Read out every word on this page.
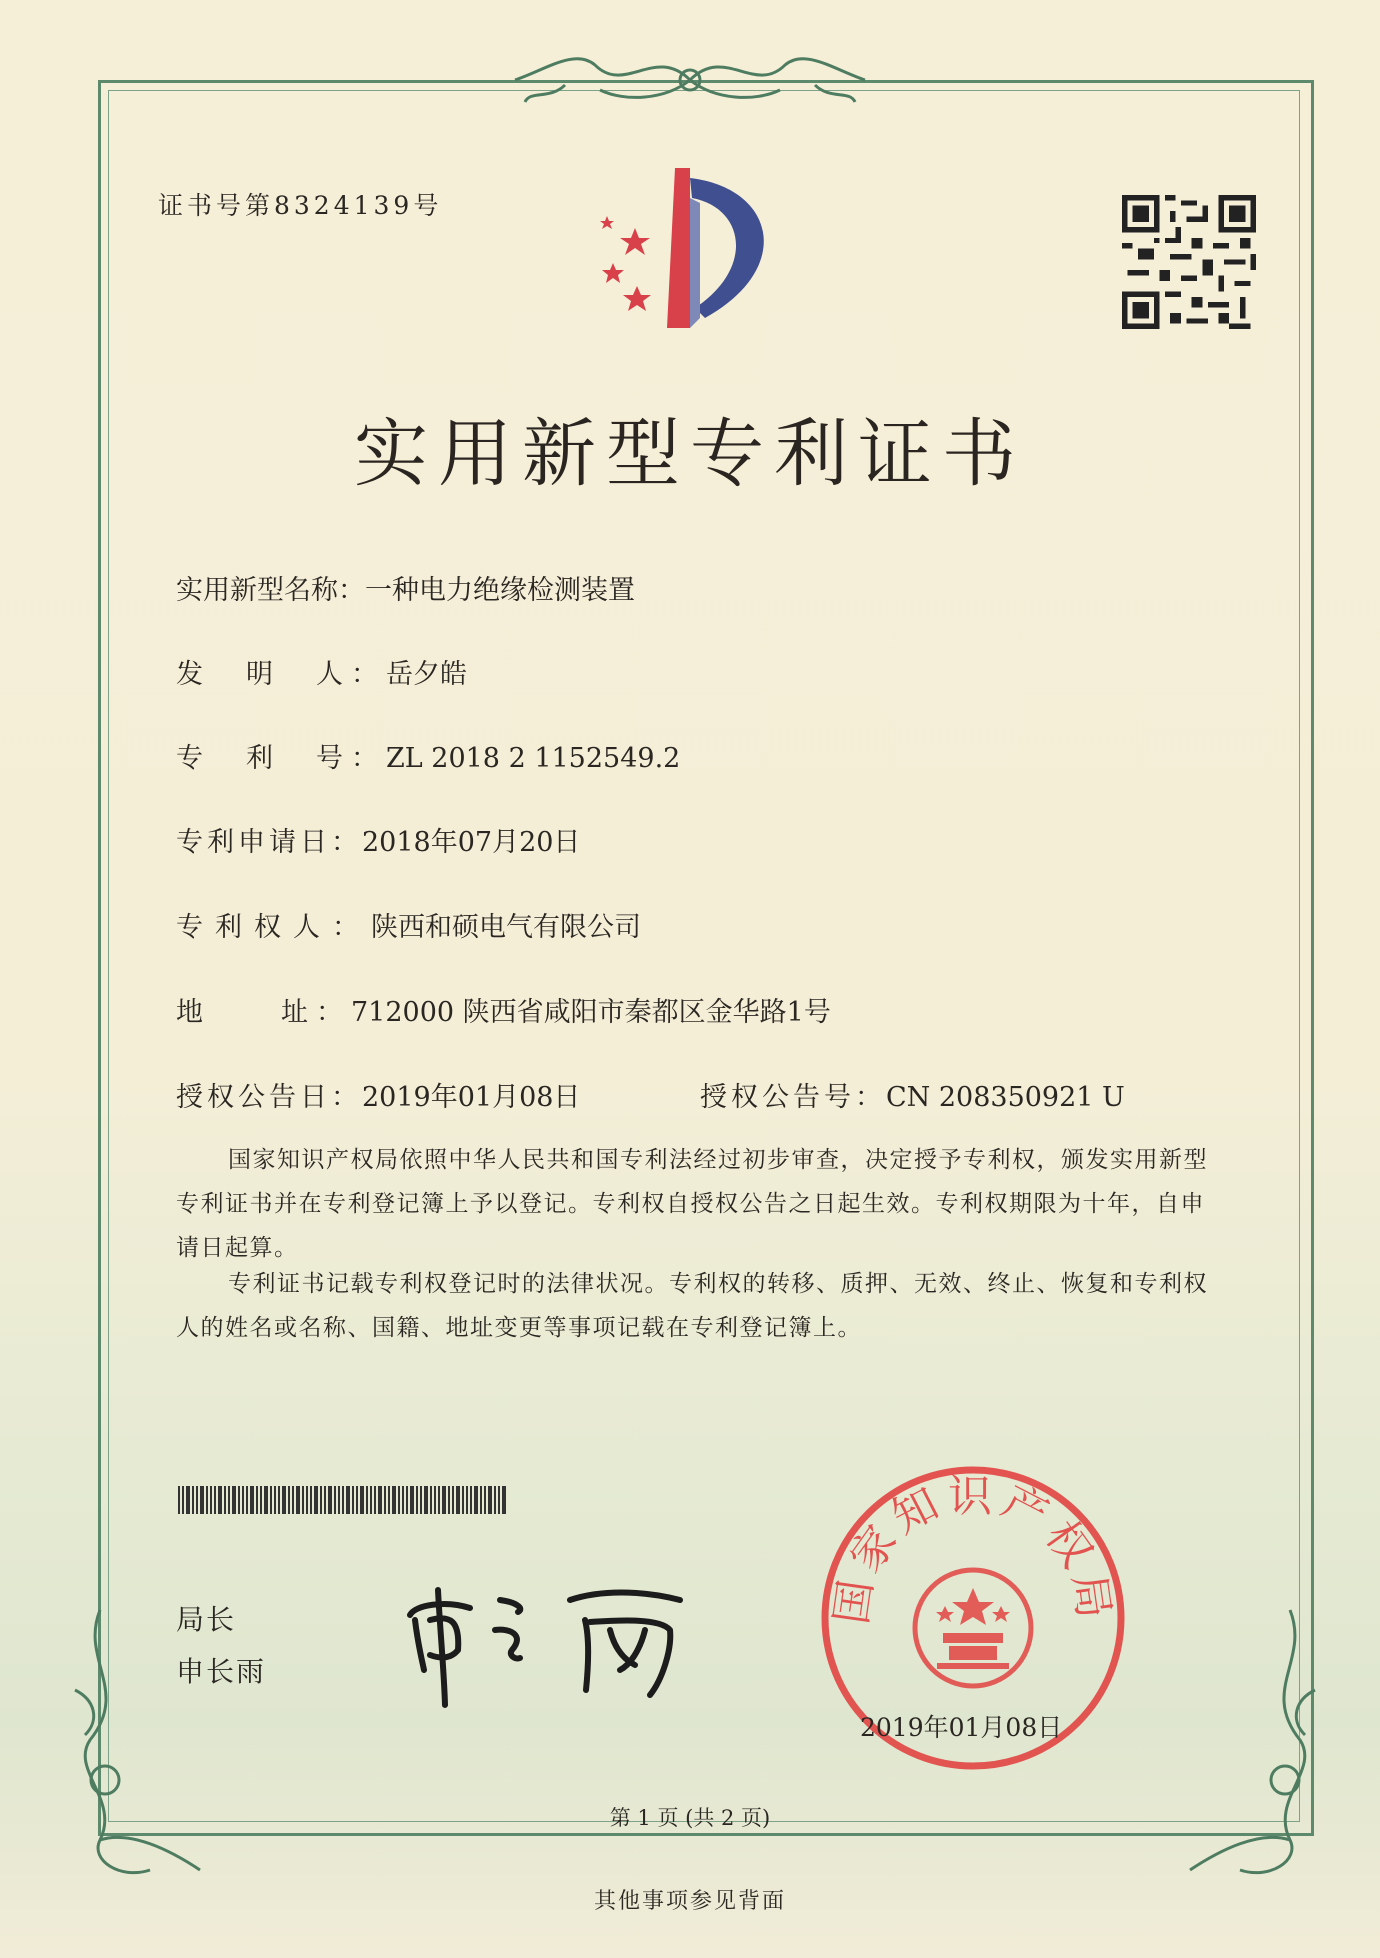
证书号第8324139号
实用新型专利证书
实用新型名称：一种电力绝缘检测装置
发　明　人：岳夕皓
专　利　号：ZL 2018 2 1152549.2
专利申请日：2018年07月20日
专利权人：陕西和硕电气有限公司
地　　址：712000 陕西省咸阳市秦都区金华路1号
授权公告日：2019年01月08日	授权公告号：CN 208350921 U
国家知识产权局依照中华人民共和国专利法经过初步审查，决定授予专利权，颁发实用新型专利证书并在专利登记簿上予以登记。专利权自授权公告之日起生效。专利权期限为十年，自申请日起算。
专利证书记载专利权登记时的法律状况。专利权的转移、质押、无效、终止、恢复和专利权人的姓名或名称、国籍、地址变更等事项记载在专利登记簿上。
局长
申长雨
国家知识产权局
2019年01月08日
第 1 页 (共 2 页)
其他事项参见背面
